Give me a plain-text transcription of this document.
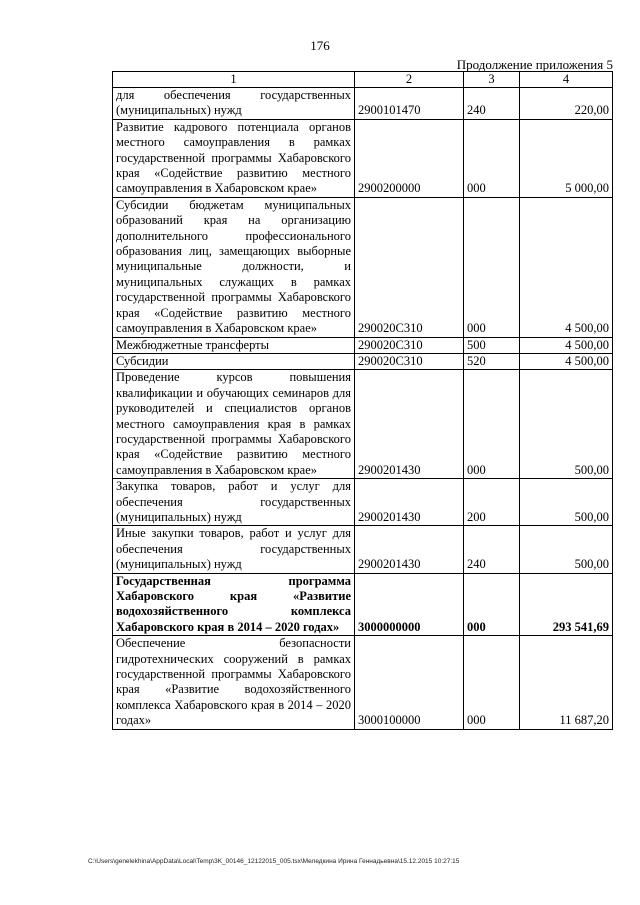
176
Продолжение приложения 5
1	2	3	4
для обеспечения государственных (муниципальных) нужд	2900101470	240	220,00
Развитие кадрового потенциала органов местного самоуправления в рамках государственной программы Хабаровского края «Содействие развитию местного самоуправления в Хабаровском крае»	2900200000	000	5 000,00
Субсидии бюджетам муниципальных образований края на организацию дополнительного профессионального образования лиц, замещающих выборные муниципальные должности, и муниципальных служащих в рамках государственной программы Хабаровского края «Содействие развитию местного самоуправления в Хабаровском крае»	290020С310	000	4 500,00
Межбюджетные трансферты	290020С310	500	4 500,00
Субсидии	290020С310	520	4 500,00
Проведение курсов повышения квалификации и обучающих семинаров для руководителей и специалистов органов местного самоуправления края в рамках государственной программы Хабаровского края «Содействие развитию местного самоуправления в Хабаровском крае»	2900201430	000	500,00
Закупка товаров, работ и услуг для обеспечения государственных (муниципальных) нужд	2900201430	200	500,00
Иные закупки товаров, работ и услуг для обеспечения государственных (муниципальных) нужд	2900201430	240	500,00
Государственная программа Хабаровского края «Развитие водохозяйственного комплекса Хабаровского края в 2014 – 2020 годах»	3000000000	000	293 541,69
Обеспечение безопасности гидротехнических сооружений в рамках государственной программы Хабаровского края «Развитие водохозяйственного комплекса Хабаровского края в 2014 – 2020 годах»	3000100000	000	11 687,20
C:\Users\genelekhina\AppData\Local\Temp\3K_00146_12122015_005.tsx\Меледкина Ирина Геннадьевна\15.12.2015 10:27:15
